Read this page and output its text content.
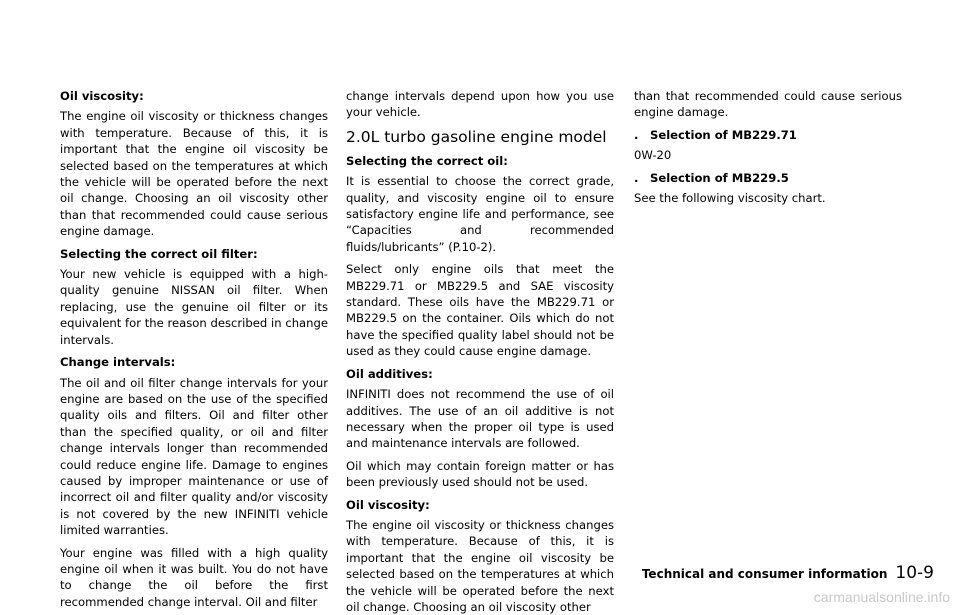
Oil viscosity:

The engine oil viscosity or thickness changes with temperature. Because of this, it is important that the engine oil viscosity be selected based on the temperatures at which the vehicle will be operated before the next oil change. Choosing an oil viscosity other than that recommended could cause serious engine damage.

Selecting the correct oil filter:

Your new vehicle is equipped with a high-quality genuine NISSAN oil filter. When replacing, use the genuine oil filter or its equivalent for the reason described in change intervals.

Change intervals:

The oil and oil filter change intervals for your engine are based on the use of the specified quality oils and filters. Oil and filter other than the specified quality, or oil and filter change intervals longer than recommended could reduce engine life. Damage to engines caused by improper maintenance or use of incorrect oil and filter quality and/or viscosity is not covered by the new INFINITI vehicle limited warranties.

Your engine was filled with a high quality engine oil when it was built. You do not have to change the oil before the first recommended change interval. Oil and filter

change intervals depend upon how you use your vehicle.

2.0L turbo gasoline engine model
Selecting the correct oil:

It is essential to choose the correct grade, quality, and viscosity engine oil to ensure satisfactory engine life and performance, see “Capacities and recommended fluids/lubricants” (P.10-2).

Select only engine oils that meet the MB229.71 or MB229.5 and SAE viscosity standard. These oils have the MB229.71 or MB229.5 on the container. Oils which do not have the specified quality label should not be used as they could cause engine damage.

Oil additives:

INFINITI does not recommend the use of oil additives. The use of an oil additive is not necessary when the proper oil type is used and maintenance intervals are followed.

Oil which may contain foreign matter or has been previously used should not be used.

Oil viscosity:

The engine oil viscosity or thickness changes with temperature. Because of this, it is important that the engine oil viscosity be selected based on the temperatures at which the vehicle will be operated before the next oil change. Choosing an oil viscosity other

than that recommended could cause serious engine damage.

. Selection of MB229.71
0W-20
. Selection of MB229.5

See the following viscosity chart.

Technical and consumer information 10-9
carmanualsonline.info
